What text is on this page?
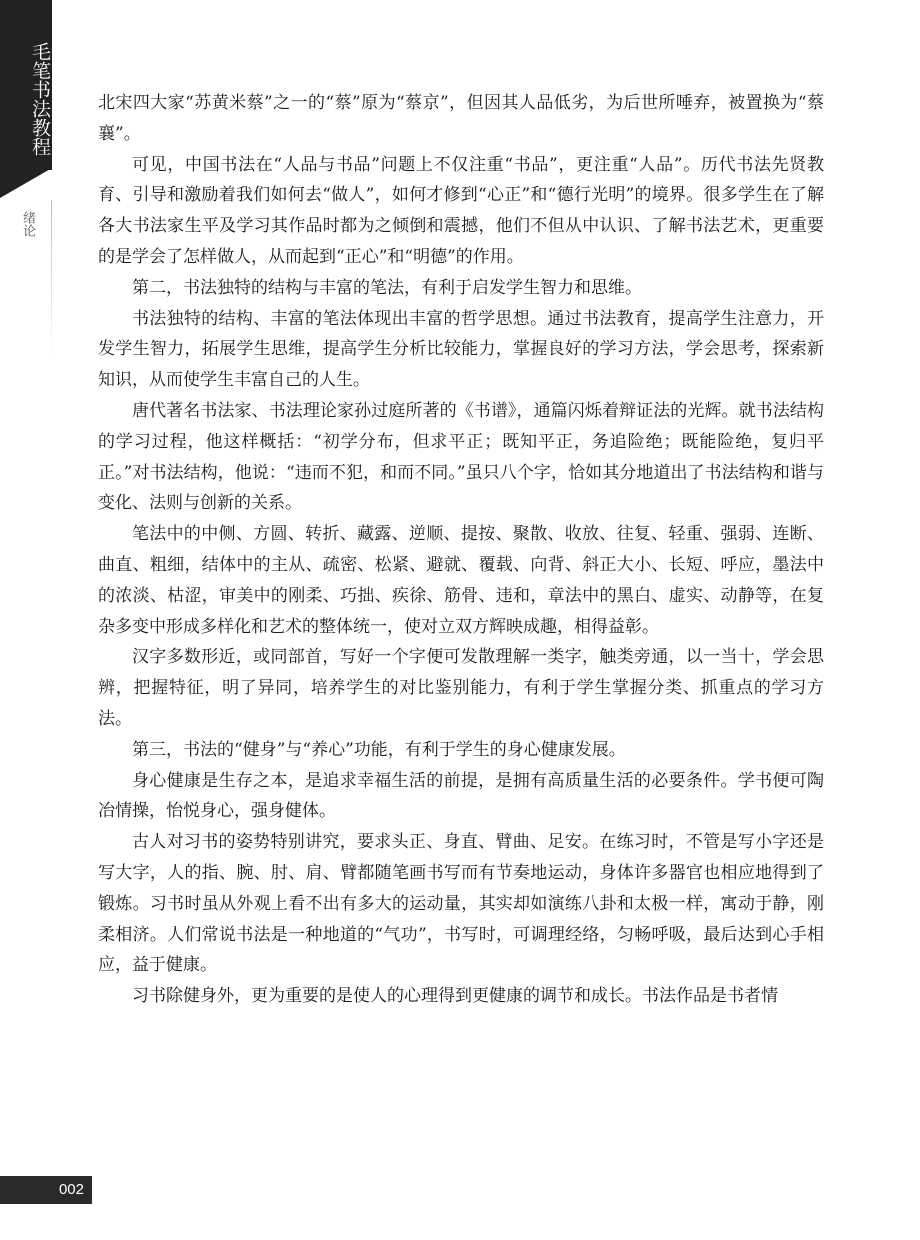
毛笔书法教程
绪论

北宋四大家“苏黄米蔡”之一的“蔡”原为“蔡京”，但因其人品低劣，为后世所唾弃，被置换为“蔡襄”。

可见，中国书法在“人品与书品”问题上不仅注重“书品”，更注重“人品”。历代书法先贤教育、引导和激励着我们如何去“做人”，如何才修到“心正”和“德行光明”的境界。很多学生在了解各大书法家生平及学习其作品时都为之倾倒和震撼，他们不但从中认识、了解书法艺术，更重要的是学会了怎样做人，从而起到“正心”和“明德”的作用。

第二，书法独特的结构与丰富的笔法，有利于启发学生智力和思维。

书法独特的结构、丰富的笔法体现出丰富的哲学思想。通过书法教育，提高学生注意力，开发学生智力，拓展学生思维，提高学生分析比较能力，掌握良好的学习方法，学会思考，探索新知识，从而使学生丰富自己的人生。

唐代著名书法家、书法理论家孙过庭所著的《书谱》，通篇闪烁着辩证法的光辉。就书法结构的学习过程，他这样概括：“初学分布，但求平正；既知平正，务追险绝；既能险绝，复归平正。”对书法结构，他说：“违而不犯，和而不同。”虽只八个字，恰如其分地道出了书法结构和谐与变化、法则与创新的关系。

笔法中的中侧、方圆、转折、藏露、逆顺、提按、聚散、收放、往复、轻重、强弱、连断、曲直、粗细，结体中的主从、疏密、松紧、避就、覆载、向背、斜正大小、长短、呼应，墨法中的浓淡、枯涩，审美中的刚柔、巧拙、疾徐、筋骨、违和，章法中的黑白、虚实、动静等，在复杂多变中形成多样化和艺术的整体统一，使对立双方辉映成趣，相得益彰。

汉字多数形近，或同部首，写好一个字便可发散理解一类字，触类旁通，以一当十，学会思辨，把握特征，明了异同，培养学生的对比鉴别能力，有利于学生掌握分类、抓重点的学习方法。

第三，书法的“健身”与“养心”功能，有利于学生的身心健康发展。

身心健康是生存之本，是追求幸福生活的前提，是拥有高质量生活的必要条件。学书便可陶冶情操，怡悦身心，强身健体。

古人对习书的姿势特别讲究，要求头正、身直、臂曲、足安。在练习时，不管是写小字还是写大字，人的指、腕、肘、肩、臂都随笔画书写而有节奏地运动，身体许多器官也相应地得到了锻炼。习书时虽从外观上看不出有多大的运动量，其实却如演练八卦和太极一样，寓动于静，刚柔相济。人们常说书法是一种地道的“气功”，书写时，可调理经络，匀畅呼吸，最后达到心手相应，益于健康。

习书除健身外，更为重要的是使人的心理得到更健康的调节和成长。书法作品是书者情

002
